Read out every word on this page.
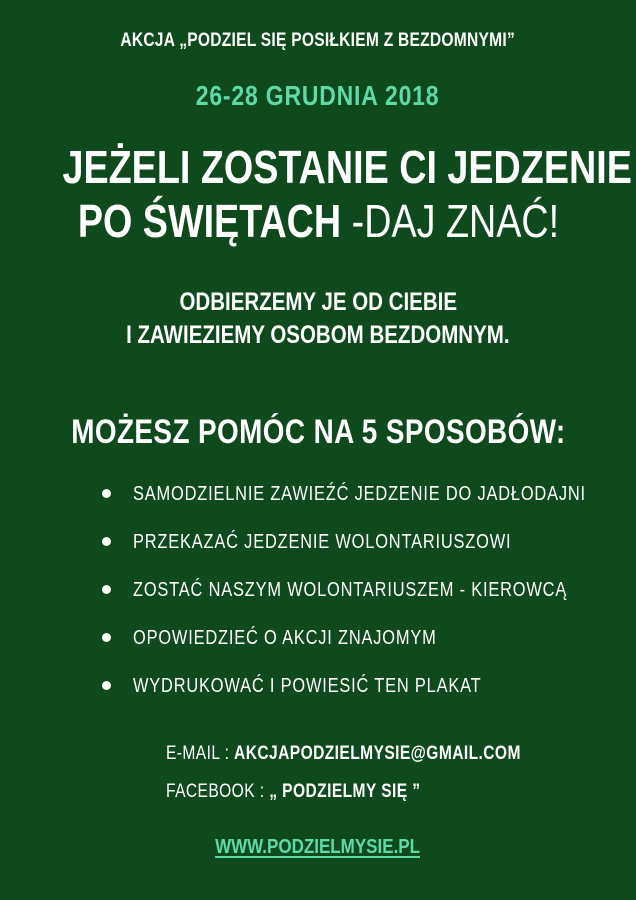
AKCJA „PODZIEL SIĘ POSIŁKIEM Z BEZDOMNYMI”
26-28 GRUDNIA 2018
JEŻELI ZOSTANIE CI JEDZENIE
PO ŚWIĘTACH -DAJ ZNAĆ!
ODBIERZEMY JE OD CIEBIE
I ZAWIEZIEMY OSOBOM BEZDOMNYM.
MOŻESZ POMÓC NA 5 SPOSOBÓW:
SAMODZIELNIE ZAWIEŹĆ JEDZENIE DO JADŁODAJNI
PRZEKAZAĆ JEDZENIE WOLONTARIUSZOWI
ZOSTAĆ NASZYM WOLONTARIUSZEM - KIEROWCĄ
OPOWIEDZIEĆ O AKCJI ZNAJOMYM
WYDRUKOWAĆ I POWIESIĆ TEN PLAKAT
E-MAIL : AKCJAPODZIELMYSIE@GMAIL.COM
FACEBOOK : „ PODZIELMY SIĘ ”
WWW.PODZIELMYSIE.PL
